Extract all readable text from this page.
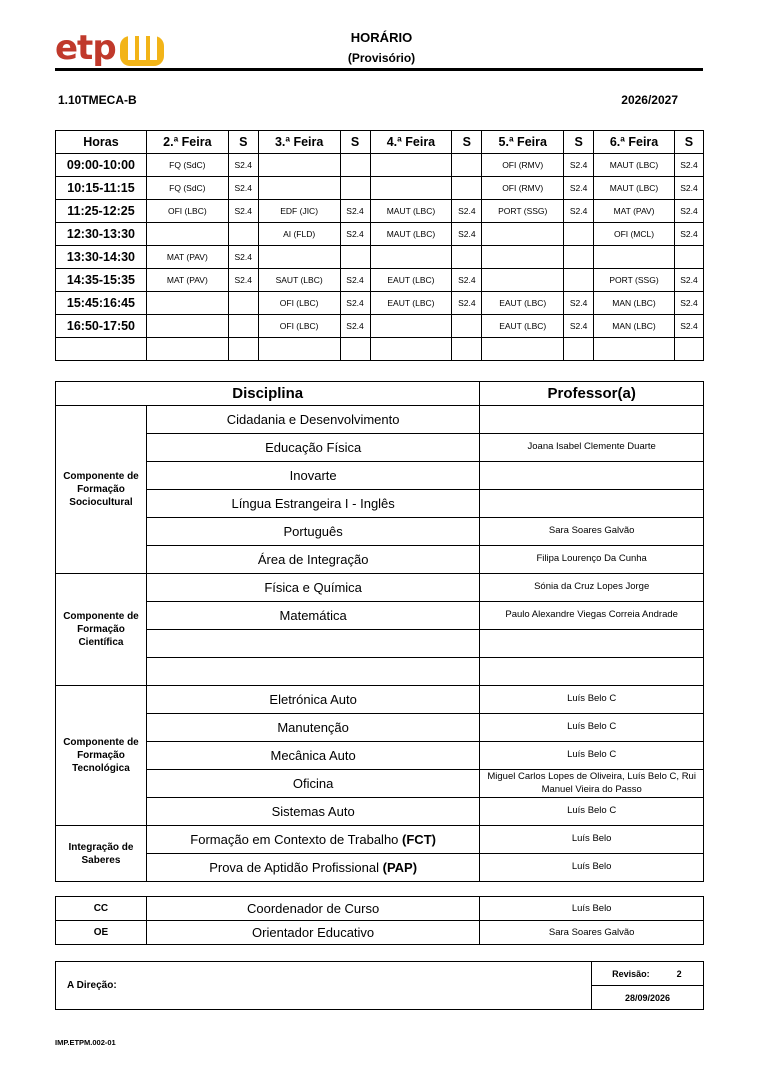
etp	HORÁRIO
(Provisório)
1.10TMECA-B	2026/2027
Horas	2.ª Feira	S	3.ª Feira	S	4.ª Feira	S	5.ª Feira	S	6.ª Feira	S
09:00-10:00	FQ (SdC)	S2.4					OFI (RMV)	S2.4	MAUT (LBC)	S2.4
10:15-11:15	FQ (SdC)	S2.4					OFI (RMV)	S2.4	MAUT (LBC)	S2.4
11:25-12:25	OFI (LBC)	S2.4	EDF (JIC)	S2.4	MAUT (LBC)	S2.4	PORT (SSG)	S2.4	MAT (PAV)	S2.4
12:30-13:30			AI (FLD)	S2.4	MAUT (LBC)	S2.4			OFI (MCL)	S2.4
13:30-14:30	MAT (PAV)	S2.4								
14:35-15:35	MAT (PAV)	S2.4	SAUT (LBC)	S2.4	EAUT (LBC)	S2.4			PORT (SSG)	S2.4
15:45:16:45			OFI (LBC)	S2.4	EAUT (LBC)	S2.4	EAUT (LBC)	S2.4	MAN (LBC)	S2.4
16:50-17:50			OFI (LBC)	S2.4			EAUT (LBC)	S2.4	MAN (LBC)	S2.4

Disciplina		Professor(a)
Componente de Formação Sociocultural	Cidadania e Desenvolvimento	
	Educação Física	Joana Isabel Clemente Duarte
	Inovarte	
	Língua Estrangeira I - Inglês	
	Português	Sara Soares Galvão
	Área de Integração	Filipa Lourenço Da Cunha
Componente de Formação Científica	Física e Química	Sónia da Cruz Lopes Jorge
	Matemática	Paulo Alexandre Viegas Correia Andrade

Componente de Formação Tecnológica	Eletrónica Auto	Luís Belo C
	Manutenção	Luís Belo C
	Mecânica Auto	Luís Belo C
	Oficina	Miguel Carlos Lopes de Oliveira, Luís Belo C, Rui Manuel Vieira do Passo
	Sistemas Auto	Luís Belo C
Integração de Saberes	Formação em Contexto de Trabalho (FCT)	Luís Belo
	Prova de Aptidão Profissional (PAP)	Luís Belo
CC	Coordenador de Curso	Luís Belo
OE	Orientador Educativo	Sara Soares Galvão
A Direção:	Revisão:	2
28/09/2026
IMP.ETPM.002-01
